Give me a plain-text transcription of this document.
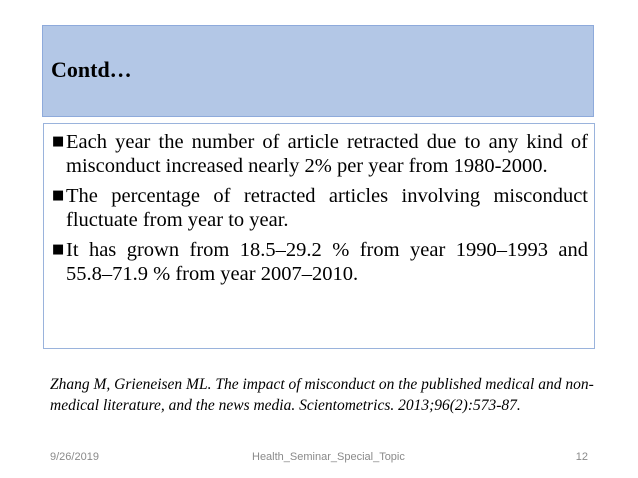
Contd…
■ Each year the number of article retracted due to any kind of misconduct increased nearly 2% per year from 1980-2000.
■ The percentage of retracted articles involving misconduct fluctuate from year to year.
■ It has grown from 18.5–29.2 % from year 1990–1993 and 55.8–71.9 % from year 2007–2010.

Zhang M, Grieneisen ML. The impact of misconduct on the published medical and non-medical literature, and the news media. Scientometrics. 2013;96(2):573-87.

9/26/2019	Health_Seminar_Special_Topic	12
